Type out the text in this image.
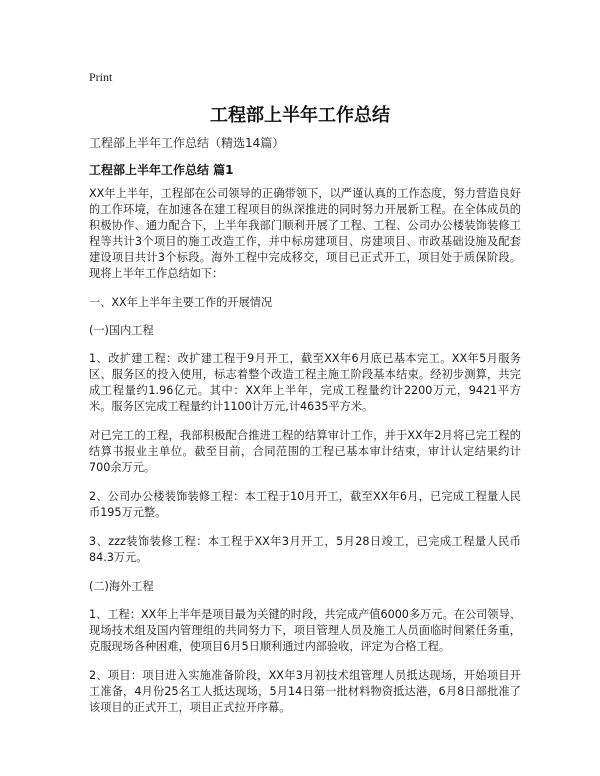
Print
工程部上半年工作总结
工程部上半年工作总结（精选14篇）
工程部上半年工作总结 篇1

XX年上半年，工程部在公司领导的正确带领下，以严谨认真的工作态度，努力营造良好的工作环境，在加速各在建工程项目的纵深推进的同时努力开展新工程。在全体成员的积极协作、通力配合下，上半年我部门顺利开展了工程、工程、公司办公楼装饰装修工程等共计3个项目的施工改造工作，并中标房建项目、房建项目、市政基础设施及配套建设项目共计3个标段。海外工程中完成移交，项目已正式开工，项目处于质保阶段。现将上半年工作总结如下：

一、XX年上半年主要工作的开展情况

(一)国内工程

1、改扩建工程：改扩建工程于9月开工，截至XX年6月底已基本完工。XX年5月服务区、服务区的投入使用，标志着整个改造工程主施工阶段基本结束。经初步测算，共完成工程量约1.96亿元。其中：XX年上半年，完成工程量约计2200万元，9421平方米。服务区完成工程量约计1100计万元,计4635平方米。

对已完工的工程，我部积极配合推进工程的结算审计工作，并于XX年2月将已完工程的结算书报业主单位。截至目前，合同范围的工程已基本审计结束，审计认定结果约计700余万元。

2、公司办公楼装饰装修工程：本工程于10月开工，截至XX年6月，已完成工程量人民币195万元整。

3、zzz装饰装修工程：本工程于XX年3月开工，5月28日竣工，已完成工程量人民币84.3万元。

(二)海外工程

1、工程：XX年上半年是项目最为关键的时段，共完成产值6000多万元。在公司领导、现场技术组及国内管理组的共同努力下，项目管理人员及施工人员面临时间紧任务重，克服现场各种困难，使项目6月5日顺利通过内部验收，评定为合格工程。

2、项目：项目进入实施准备阶段，XX年3月初技术组管理人员抵达现场，开始项目开工准备，4月份25名工人抵达现场，5月14日第一批材料物资抵达港，6月8日部批准了该项目的正式开工，项目正式拉开序幕。
